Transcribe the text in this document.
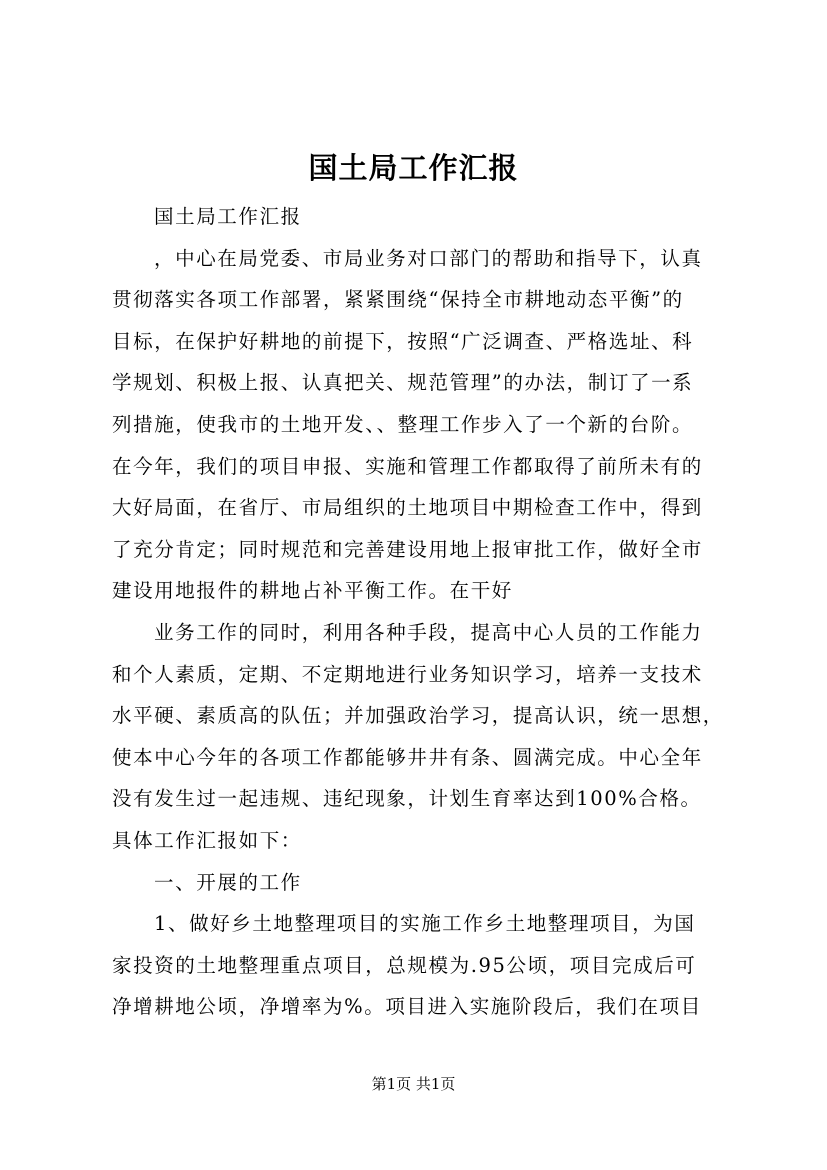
国土局工作汇报
国土局工作汇报
，中心在局党委、市局业务对口部门的帮助和指导下，认真
贯彻落实各项工作部署，紧紧围绕“保持全市耕地动态平衡”的
目标，在保护好耕地的前提下，按照“广泛调查、严格选址、科
学规划、积极上报、认真把关、规范管理”的办法，制订了一系
列措施，使我市的土地开发、、整理工作步入了一个新的台阶。
在今年，我们的项目申报、实施和管理工作都取得了前所未有的
大好局面，在省厅、市局组织的土地项目中期检查工作中，得到
了充分肯定；同时规范和完善建设用地上报审批工作，做好全市
建设用地报件的耕地占补平衡工作。在干好
业务工作的同时，利用各种手段，提高中心人员的工作能力
和个人素质，定期、不定期地进行业务知识学习，培养一支技术
水平硬、素质高的队伍；并加强政治学习，提高认识，统一思想，
使本中心今年的各项工作都能够井井有条、圆满完成。中心全年
没有发生过一起违规、违纪现象，计划生育率达到100%合格。
具体工作汇报如下：
一、开展的工作
1、做好乡土地整理项目的实施工作乡土地整理项目，为国
家投资的土地整理重点项目，总规模为.95公顷，项目完成后可
净增耕地公顷，净增率为%。项目进入实施阶段后，我们在项目
第1页 共1页
